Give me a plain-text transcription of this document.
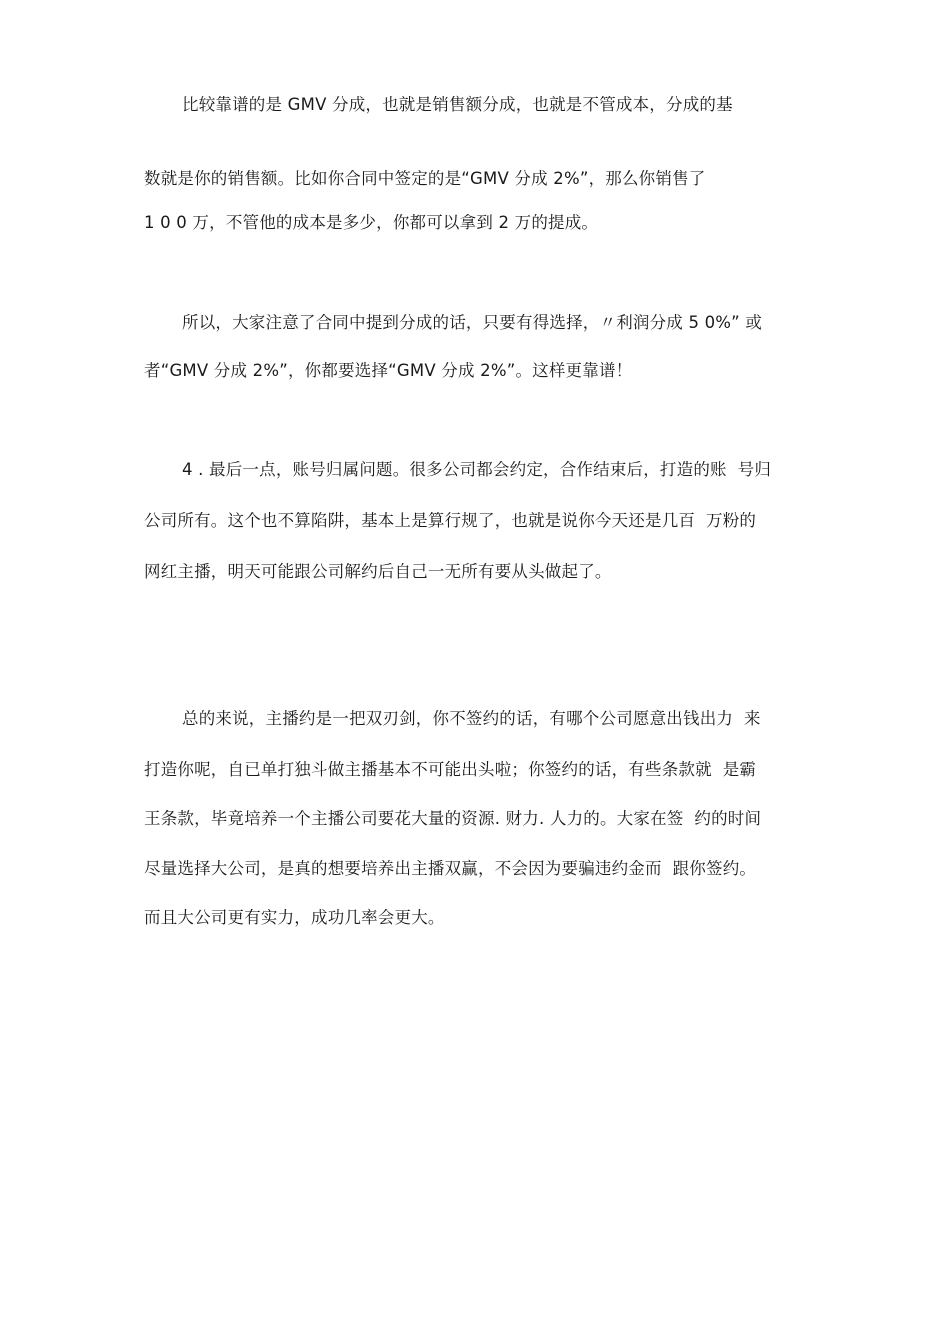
比较靠谱的是 GMV 分成，也就是销售额分成，也就是不管成本，分成的基
数就是你的销售额。比如你合同中签定的是“GMV 分成 2%”，那么你销售了
1 0 0 万，不管他的成本是多少，你都可以拿到 2 万的提成。
所以，大家注意了合同中提到分成的话，只要有得选择，〃利润分成 5 0%” 或
者“GMV 分成 2%”，你都要选择“GMV 分成 2%”。这样更靠谱！
4 . 最后一点，账号归属问题。很多公司都会约定，合作结束后，打造的账  号归
公司所有。这个也不算陷阱，基本上是算行规了，也就是说你今天还是几百  万粉的
网红主播，明天可能跟公司解约后自己一无所有要从头做起了。
总的来说，主播约是一把双刃剑，你不签约的话，有哪个公司愿意出钱出力  来
打造你呢，自已单打独斗做主播基本不可能出头啦；你签约的话，有些条款就  是霸
王条款，毕竟培养一个主播公司要花大量的资源. 财力. 人力的。大家在签  约的时间
尽量选择大公司，是真的想要培养出主播双赢，不会因为要骗违约金而  跟你签约。
而且大公司更有实力，成功几率会更大。
